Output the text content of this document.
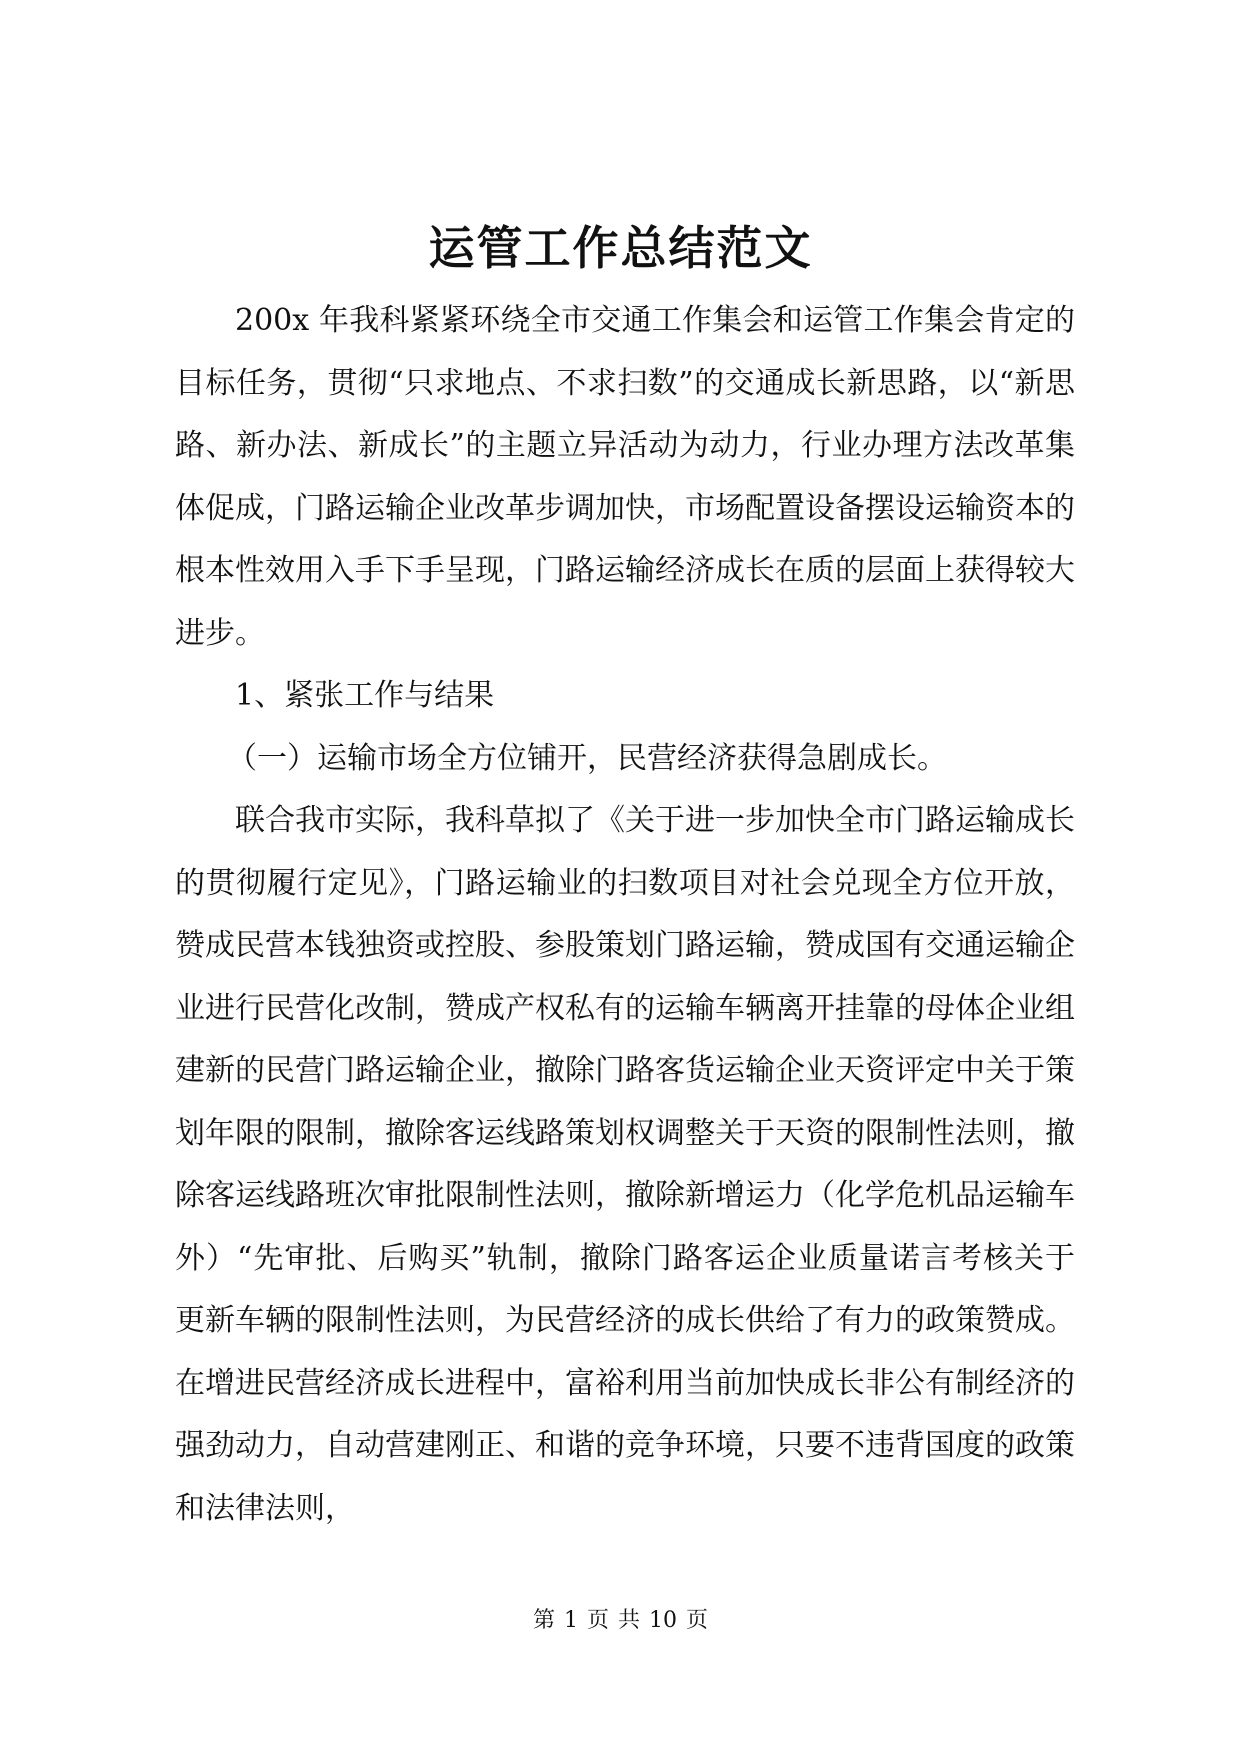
运管工作总结范文

200x 年我科紧紧环绕全市交通工作集会和运管工作集会肯定的目标任务，贯彻“只求地点、不求扫数”的交通成长新思路，以“新思路、新办法、新成长”的主题立异活动为动力，行业办理方法改革集体促成，门路运输企业改革步调加快，市场配置设备摆设运输资本的根本性效用入手下手呈现，门路运输经济成长在质的层面上获得较大进步。

1、紧张工作与结果

（一）运输市场全方位铺开，民营经济获得急剧成长。

联合我市实际，我科草拟了《关于进一步加快全市门路运输成长的贯彻履行定见》，门路运输业的扫数项目对社会兑现全方位开放，赞成民营本钱独资或控股、参股策划门路运输，赞成国有交通运输企业进行民营化改制，赞成产权私有的运输车辆离开挂靠的母体企业组建新的民营门路运输企业，撤除门路客货运输企业天资评定中关于策划年限的限制，撤除客运线路策划权调整关于天资的限制性法则，撤除客运线路班次审批限制性法则，撤除新增运力（化学危机品运输车外）“先审批、后购买”轨制，撤除门路客运企业质量诺言考核关于更新车辆的限制性法则，为民营经济的成长供给了有力的政策赞成。在增进民营经济成长进程中，富裕利用当前加快成长非公有制经济的强劲动力，自动营建刚正、和谐的竞争环境，只要不违背国度的政策和法律法则，

第 1 页 共 10 页
